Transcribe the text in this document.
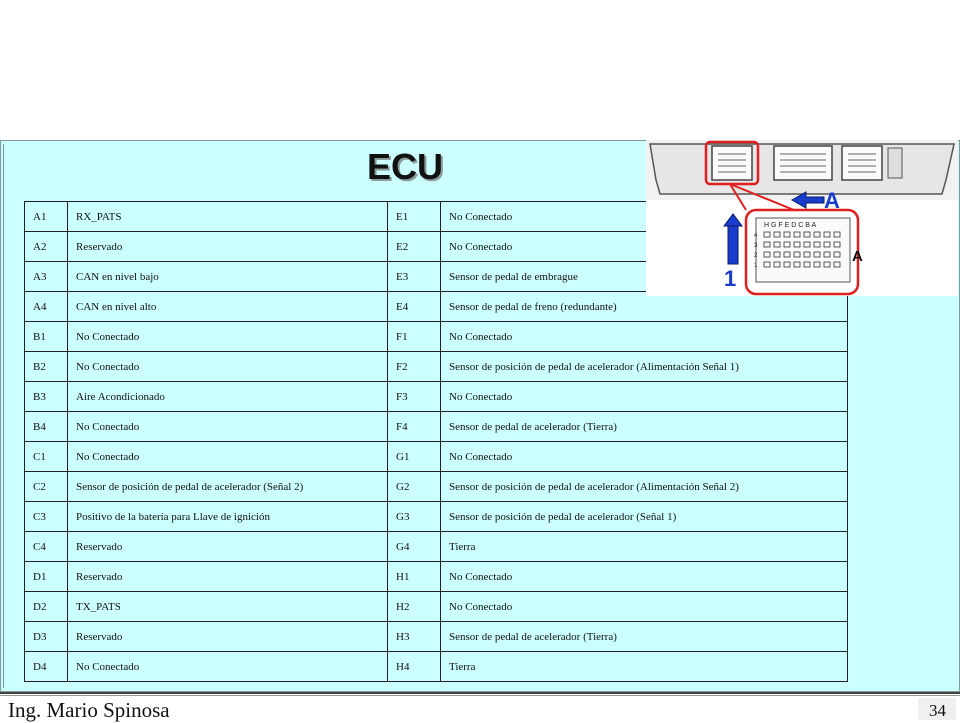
ECU
A1	RX_PATS	E1	No Conectado
A2	Reservado	E2	No Conectado
A3	CAN en nivel bajo	E3	Sensor de pedal de embrague
A4	CAN en nivel alto	E4	Sensor de pedal de freno (redundante)
B1	No Conectado	F1	No Conectado
B2	No Conectado	F2	Sensor de posición de pedal de acelerador (Alimentación Señal 1)
B3	Aire Acondicionado	F3	No Conectado
B4	No Conectado	F4	Sensor de pedal de acelerador (Tierra)
C1	No Conectado	G1	No Conectado
C2	Sensor de posición de pedal de acelerador (Señal 2)	G2	Sensor de posición de pedal de acelerador (Alimentación Señal 2)
C3	Positivo de la batería para Llave de ignición	G3	Sensor de posición de pedal de acelerador (Señal 1)
C4	Reservado	G4	Tierra
D1	Reservado	H1	No Conectado
D2	TX_PATS	H2	No Conectado
D3	Reservado	H3	Sensor de pedal de acelerador (Tierra)
D4	No Conectado	H4	Tierra
H G F E D C B A
4
3
2
1
1
A
A
Ing. Mario Spinosa	34
